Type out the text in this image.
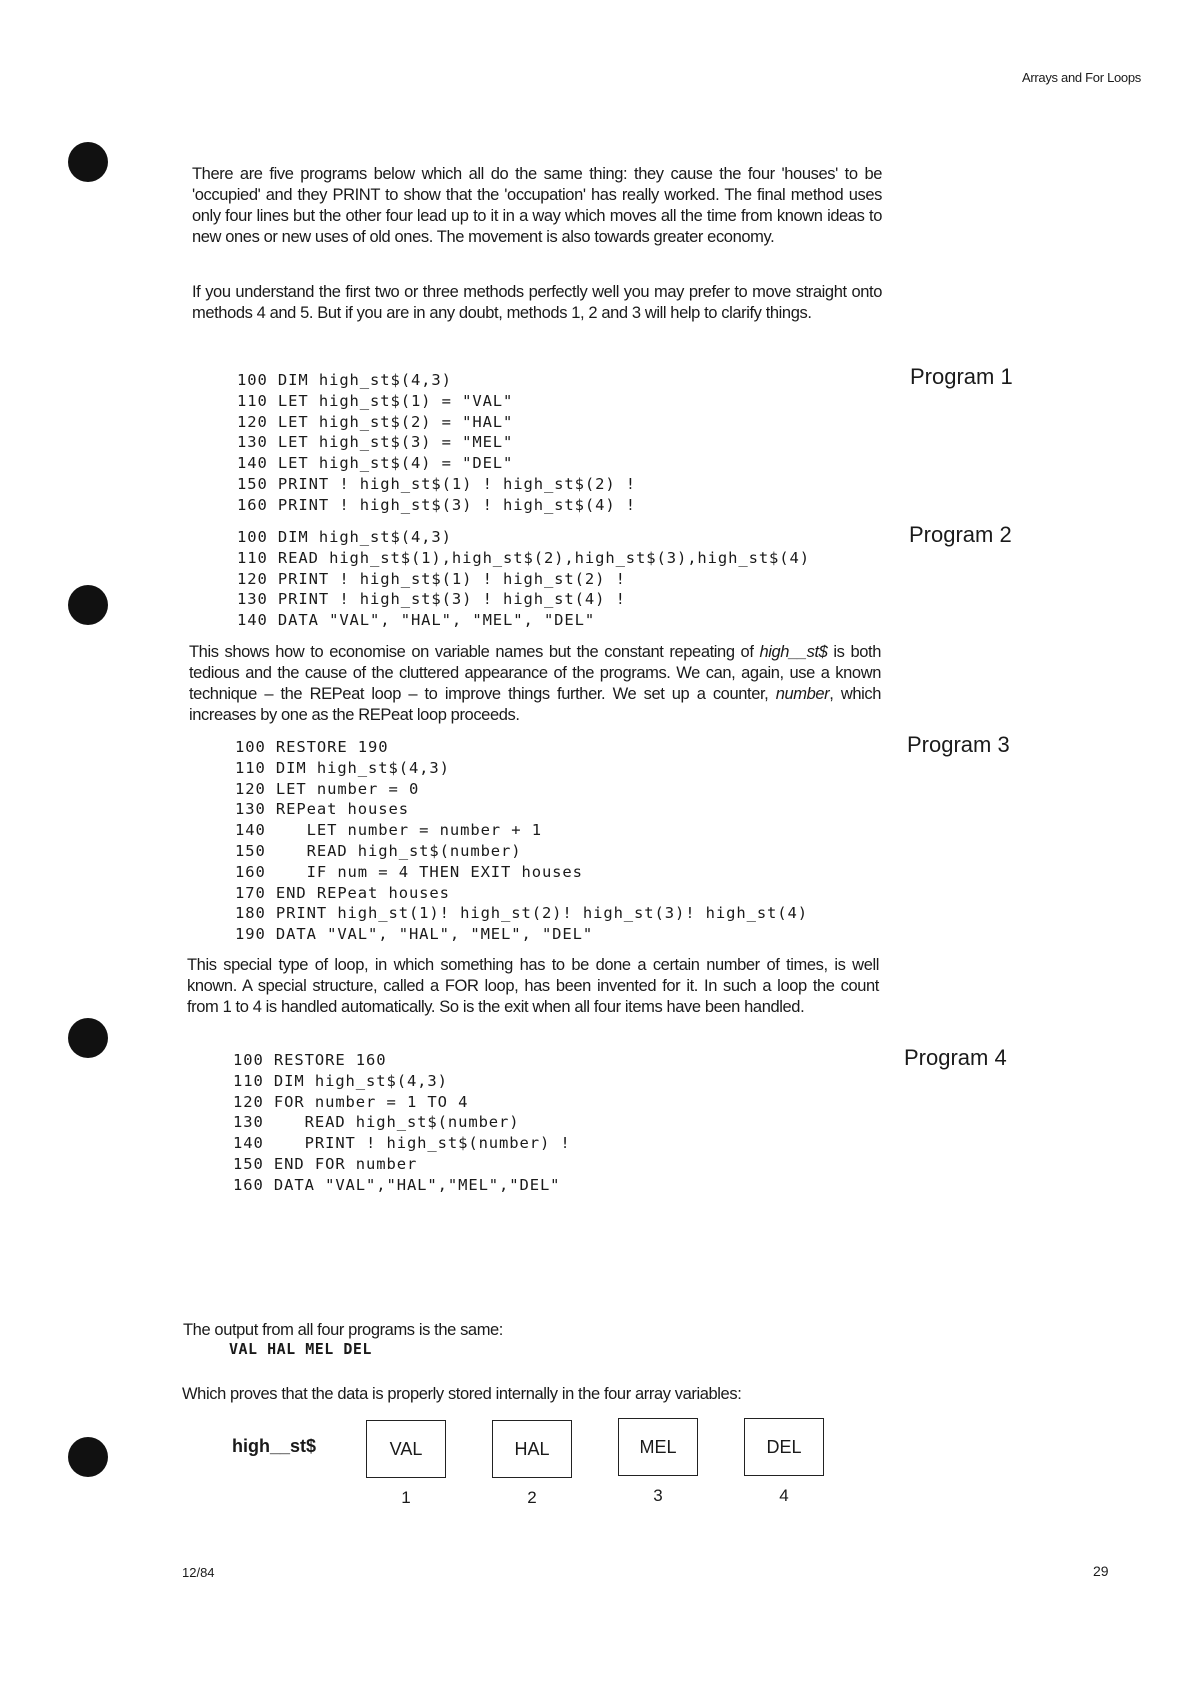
Arrays and For Loops

There are five programs below which all do the same thing: they cause the four 'houses' to be 'occupied' and they PRINT to show that the 'occupation' has really worked. The final method uses only four lines but the other four lead up to it in a way which moves all the time from known ideas to new ones or new uses of old ones. The movement is also towards greater economy.

If you understand the first two or three methods perfectly well you may prefer to move straight onto methods 4 and 5. But if you are in any doubt, methods 1, 2 and 3 will help to clarify things.

Program 1
100 DIM high_st$(4,3)
110 LET high_st$(1) = "VAL"
120 LET high_st$(2) = "HAL"
130 LET high_st$(3) = "MEL"
140 LET high_st$(4) = "DEL"
150 PRINT ! high_st$(1) ! high_st$(2) !
160 PRINT ! high_st$(3) ! high_st$(4) !
Program 2
100 DIM high_st$(4,3)
110 READ high_st$(1),high_st$(2),high_st$(3),high_st$(4)
120 PRINT ! high_st$(1) ! high_st(2) !
130 PRINT ! high_st$(3) ! high_st(4) !
140 DATA "VAL", "HAL", "MEL", "DEL"

This shows how to economise on variable names but the constant repeating of high__st$ is both tedious and the cause of the cluttered appearance of the programs. We can, again, use a known technique – the REPeat loop – to improve things further. We set up a counter, number, which increases by one as the REPeat loop proceeds.

Program 3
100 RESTORE 190
110 DIM high_st$(4,3)
120 LET number = 0
130 REPeat houses
140    LET number = number + 1
150    READ high_st$(number)
160    IF num = 4 THEN EXIT houses
170 END REPeat houses
180 PRINT high_st(1)! high_st(2)! high_st(3)! high_st(4)
190 DATA "VAL", "HAL", "MEL", "DEL"

This special type of loop, in which something has to be done a certain number of times, is well known. A special structure, called a FOR loop, has been invented for it. In such a loop the count from 1 to 4 is handled automatically. So is the exit when all four items have been handled.

Program 4
100 RESTORE 160
110 DIM high_st$(4,3)
120 FOR number = 1 TO 4
130    READ high_st$(number)
140    PRINT ! high_st$(number) !
150 END FOR number
160 DATA "VAL","HAL","MEL","DEL"

The output from all four programs is the same:

VAL HAL MEL DEL

Which proves that the data is properly stored internally in the four array variables:

high__st$	VAL	HAL	MEL	DEL
1	2	3	4
12/84	29
